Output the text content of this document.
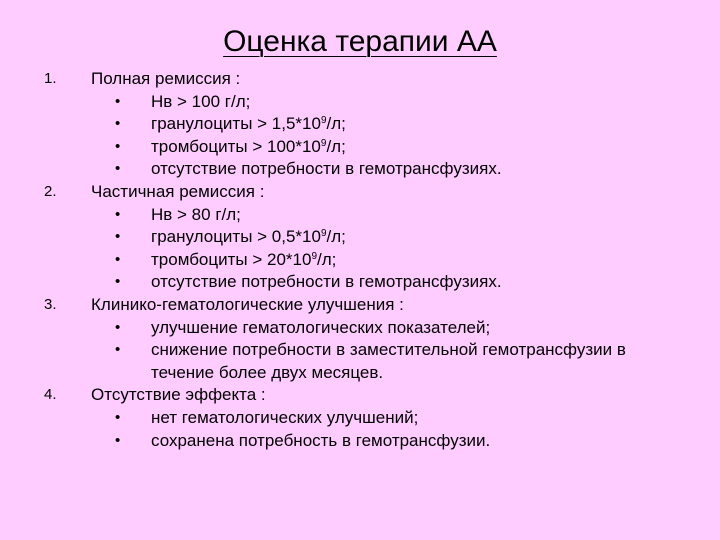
Оценка терапии АА
1.	Полная ремиссия :
• Нв > 100 г/л;
• гранулоциты > $1,5*10^9/л$;
• тромбоциты > $100*10^9/л$;
• отсутствие потребности в гемотрансфузиях.
2.	Частичная ремиссия :
• Нв > 80 г/л;
• гранулоциты > $0,5*10^9/л$;
• тромбоциты > $20*10^9/л$;
• отсутствие потребности в гемотрансфузиях.
3.	Клинико-гематологические улучшения :
• улучшение гематологических показателей;
• снижение потребности в заместительной гемотрансфузии в течение более двух месяцев.
4.	Отсутствие эффекта :
• нет гематологических улучшений;
• сохранена потребность в гемотрансфузии.
